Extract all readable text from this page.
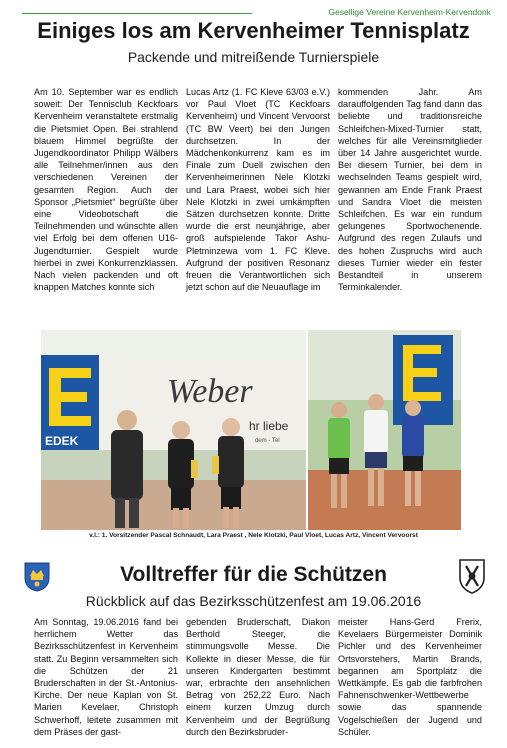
Gesellige Vereine Kervenheim-Kervendonk
Einiges los am Kervenheimer Tennisplatz
Packende und mitreißende Turnierspiele
Am 10. September war es endlich soweit: Der Tennisclub Keckfoars Kervenheim veranstaltete erstmalig die Pietsmiet Open. Bei strahlend blauem Himmel begrüßte der Jugendkoordinator Philipp Wälbers alle Teilnehmer/innen aus den verschiedenen Vereinen der gesamten Region. Auch der Sponsor „Pietsmiet“ begrüßte über eine Videobotschaft die Teilnehmenden und wünschte allen viel Erfolg bei dem offenen U16-Jugendturnier. Gespielt wurde hierbei in zwei Konkurrenzklassen. Nach vielen packenden und oft knappen Matches konnte sich
Lucas Artz (1. FC Kleve 63/03 e.V.) vor Paul Vloet (TC Keckfoars Kervenheim) und Vincent Vervoorst (TC BW Veert) bei den Jungen durchsetzen. In der Mädchenkonkurrenz kam es im Finale zum Duell zwischen den Kervenheimerinnen Nele Klotzki und Lara Praest, wobei sich hier Nele Klotzki in zwei umkämpften Sätzen durchsetzen konnte. Dritte wurde die erst neunjährige, aber groß aufspielende Takor Ashu-Pletminzewa vom 1. FC Kleve. Aufgrund der positiven Resonanz freuen die Verantwortlichen sich jetzt schon auf die Neuauflage im
kommenden Jahr. Am darauffolgenden Tag fand dann das beliebte und traditionsreiche Schleifchen-Mixed-Turnier statt, welches für alle Vereinsmitglieder über 14 Jahre ausgerichtet wurde. Bei diesem Turnier, bei dem in wechselnden Teams gespielt wird, gewannen am Ende Frank Praest und Sandra Vloet die meisten Schleifchen. Es war ein rundum gelungenes Sportwochenende. Aufgrund des regen Zulaufs und des hohen Zuspruchs wird auch dieses Turnier wieder ein fester Bestandteil in unserem Terminkalender.
EDEK
Weber
hr liebe
dem - Tel
v.l.: 1. Vorsitzender Pascal Schnaudt, Lara Praest , Nele Klotzki, Paul Vloet, Lucas Artz, Vincent Vervoorst
Volltreffer für die Schützen
Rückblick auf das Bezirksschützenfest am 19.06.2016
Am Sonntag, 19.06.2016 fand bei herrlichem Wetter das Bezirksschützenfest in Kervenheim statt. Zu Beginn versammelten sich die Schützen der 21 Bruderschaften in der St.-Antonius-Kirche. Der neue Kaplan von St. Marien Kevelaer, Christoph Schwerhoff, leitete zusammen mit dem Präses der gast-
gebenden Bruderschaft, Diakon Berthold Steeger, die stimmungsvolle Messe. Die Kollekte in dieser Messe, die für unseren Kindergarten bestimmt war, erbrachte den ansehnlichen Betrag von 252,22 Euro. Nach einem kurzen Umzug durch Kervenheim und der Begrüßung durch den Bezirksbruder-
meister Hans-Gerd Frerix, Kevelaers Bürgermeister Dominik Pichler und des Kervenheimer Ortsvorstehers, Martin Brands, begannen am Sportplatz die Wettkämpfe. Es gab die farbfrohen Fahnenschwenker-Wettbewerbe sowie das spannende Vogelschießen der Jugend und Schüler.
